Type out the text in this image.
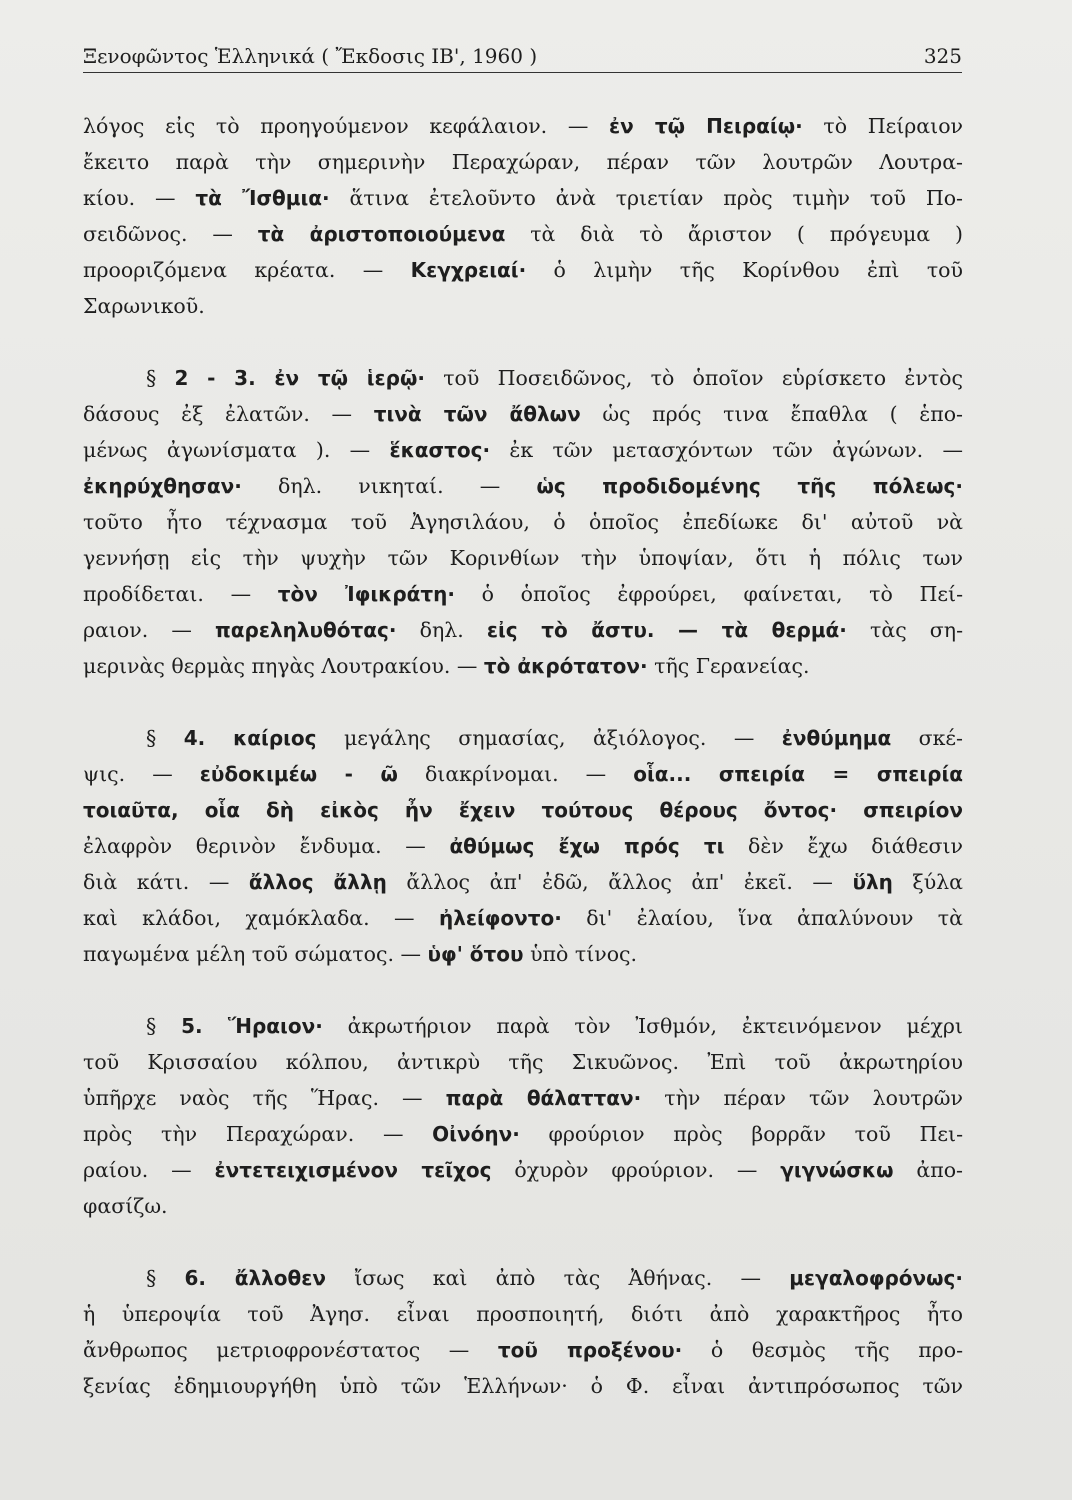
Ξενοφῶντος Ἑλληνικά ( Ἔκδοσις ΙΒ', 1960 )	325
λόγος εἰς τὸ προηγούμενον κεφάλαιον. — ἐν τῷ Πειραίῳ· τὸ Πείραιον
ἔκειτο παρὰ τὴν σημερινὴν Περαχώραν, πέραν τῶν λουτρῶν Λουτρα-
κίου. — τὰ Ἴσθμια· ἅτινα ἐτελοῦντο ἀνὰ τριετίαν πρὸς τιμὴν τοῦ Πο-
σειδῶνος. — τὰ ἀριστοποιούμενα τὰ διὰ τὸ ἄριστον ( πρόγευμα )
προοριζόμενα κρέατα. — Κεγχρειαί· ὁ λιμὴν τῆς Κορίνθου ἐπὶ τοῦ
Σαρωνικοῦ.
§ 2 - 3. ἐν τῷ ἱερῷ· τοῦ Ποσειδῶνος, τὸ ὁποῖον εὑρίσκετο ἐντὸς
δάσους ἐξ ἐλατῶν. — τινὰ τῶν ἄθλων ὡς πρός τινα ἔπαθλα ( ἑπο-
μένως ἀγωνίσματα ). — ἕκαστος· ἐκ τῶν μετασχόντων τῶν ἀγώνων. —
ἐκηρύχθησαν· δηλ. νικηταί. — ὡς προδιδομένης τῆς πόλεως·
τοῦτο ἦτο τέχνασμα τοῦ Ἀγησιλάου, ὁ ὁποῖος ἐπεδίωκε δι' αὐτοῦ νὰ
γεννήσῃ εἰς τὴν ψυχὴν τῶν Κορινθίων τὴν ὑποψίαν, ὅτι ἡ πόλις των
προδίδεται. — τὸν Ἰφικράτη· ὁ ὁποῖος ἐφρούρει, φαίνεται, τὸ Πεί-
ραιον. — παρεληλυθότας· δηλ. εἰς τὸ ἄστυ. — τὰ θερμά· τὰς ση-
μερινὰς θερμὰς πηγὰς Λουτρακίου. — τὸ ἀκρότατον· τῆς Γερανείας.
§ 4. καίριος μεγάλης σημασίας, ἀξιόλογος. — ἐνθύμημα σκέ-
ψις. — εὐδοκιμέω - ῶ διακρίνομαι. — οἷα... σπειρία = σπειρία
τοιαῦτα, οἷα δὴ εἰκὸς ἦν ἔχειν τούτους θέρους ὄντος· σπειρίον
ἐλαφρὸν θερινὸν ἔνδυμα. — ἀθύμως ἔχω πρός τι δὲν ἔχω διάθεσιν
διὰ κάτι. — ἄλλος ἄλλῃ ἄλλος ἀπ' ἐδῶ, ἄλλος ἀπ' ἐκεῖ. — ὕλη ξύλα
καὶ κλάδοι, χαμόκλαδα. — ἠλείφοντο· δι' ἐλαίου, ἵνα ἀπαλύνουν τὰ
παγωμένα μέλη τοῦ σώματος. — ὑφ' ὅτου ὑπὸ τίνος.
§ 5. Ἥραιον· ἀκρωτήριον παρὰ τὸν Ἰσθμόν, ἐκτεινόμενον μέχρι
τοῦ Κρισσαίου κόλπου, ἀντικρὺ τῆς Σικυῶνος. Ἐπὶ τοῦ ἀκρωτηρίου
ὑπῆρχε ναὸς τῆς Ἥρας. — παρὰ θάλατταν· τὴν πέραν τῶν λουτρῶν
πρὸς τὴν Περαχώραν. — Οἰνόην· φρούριον πρὸς βορρᾶν τοῦ Πει-
ραίου. — ἐντετειχισμένον τεῖχος ὀχυρὸν φρούριον. — γιγνώσκω ἀπο-
φασίζω.
§ 6. ἄλλοθεν ἴσως καὶ ἀπὸ τὰς Ἀθήνας. — μεγαλοφρόνως·
ἡ ὑπεροψία τοῦ Ἀγησ. εἶναι προσποιητή, διότι ἀπὸ χαρακτῆρος ἦτο
ἄνθρωπος μετριοφρονέστατος — τοῦ προξένου· ὁ θεσμὸς τῆς προ-
ξενίας ἐδημιουργήθη ὑπὸ τῶν Ἑλλήνων· ὁ Φ. εἶναι ἀντιπρόσωπος τῶν
